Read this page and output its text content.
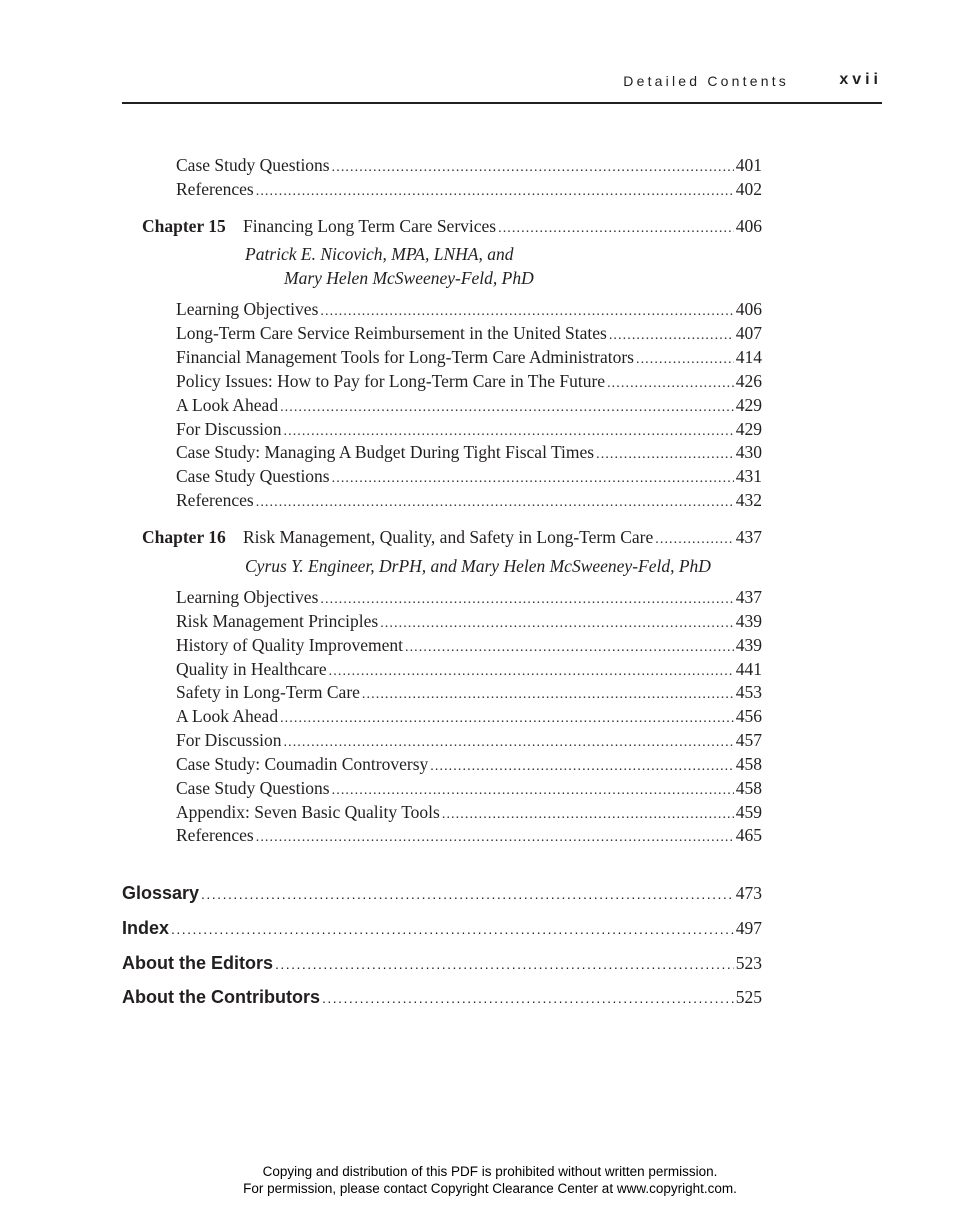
Detailed Contents	xvii
Case Study Questions . . .	401
References . . .	402
Chapter 15 Financing Long Term Care Services . . .	406
Patrick E. Nicovich, MPA, LNHA, and
Mary Helen McSweeney-Feld, PhD
Learning Objectives . . .	406
Long-Term Care Service Reimbursement in the United States . . .	407
Financial Management Tools for Long-Term Care Administrators . . .	414
Policy Issues: How to Pay for Long-Term Care in The Future . . .	426
A Look Ahead . . .	429
For Discussion . . .	429
Case Study: Managing A Budget During Tight Fiscal Times . . .	430
Case Study Questions . . .	431
References . . .	432
Chapter 16 Risk Management, Quality, and Safety in Long-Term Care . . .	437
Cyrus Y. Engineer, DrPH, and Mary Helen McSweeney-Feld, PhD
Learning Objectives . . .	437
Risk Management Principles . . .	439
History of Quality Improvement . . .	439
Quality in Healthcare . . .	441
Safety in Long-Term Care . . .	453
A Look Ahead . . .	456
For Discussion . . .	457
Case Study: Coumadin Controversy . . .	458
Case Study Questions . . .	458
Appendix: Seven Basic Quality Tools . . .	459
References . . .	465
Glossary . . .	473
Index . . .	497
About the Editors . . .	523
About the Contributors . . .	525
Copying and distribution of this PDF is prohibited without written permission.
For permission, please contact Copyright Clearance Center at www.copyright.com.
